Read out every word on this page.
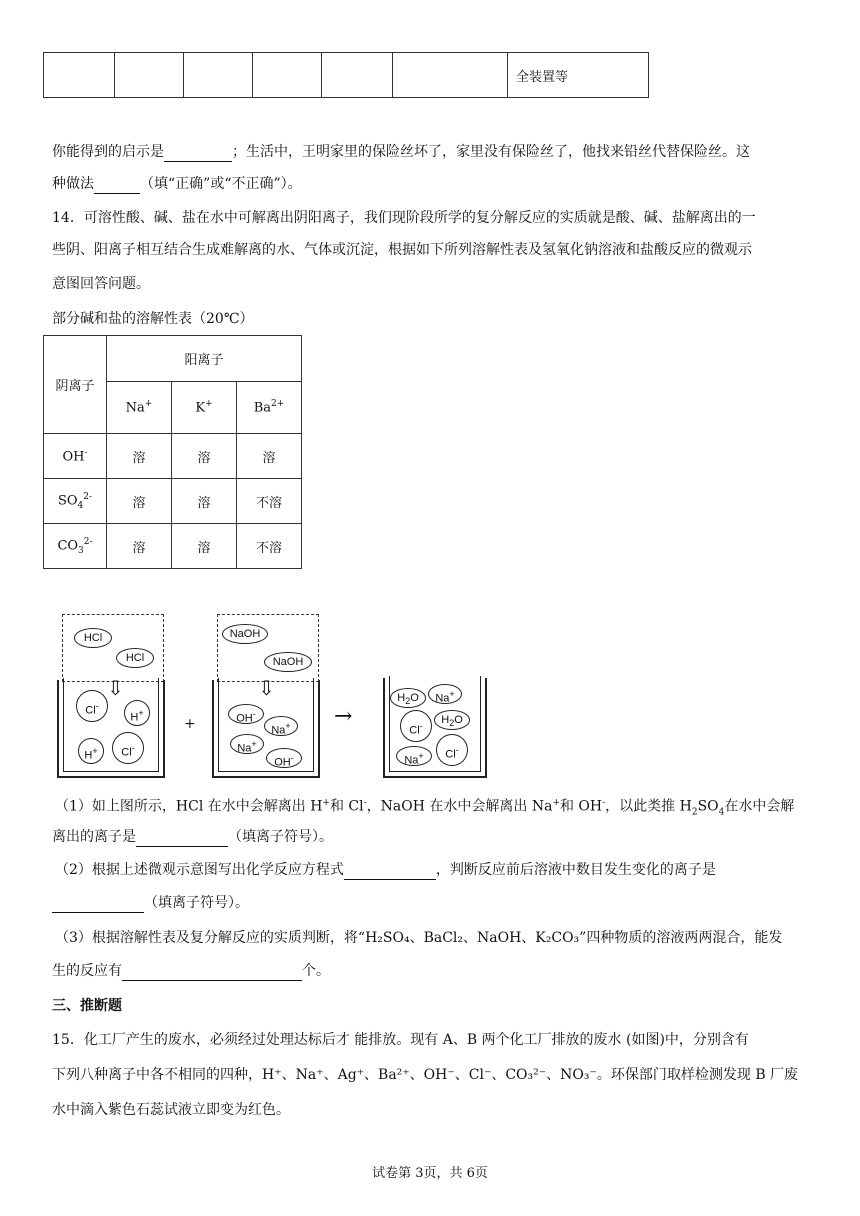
						全装置等

你能得到的启示是	；生活中，王明家里的保险丝坏了，家里没有保险丝了，他找来铅丝代替保险丝。这

种做法	（填“正确”或“不正确”）。

14．可溶性酸、碱、盐在水中可解离出阴阳离子，我们现阶段所学的复分解反应的实质就是酸、碱、盐解离出的一

些阴、阳离子相互结合生成难解离的水、气体或沉淀，根据如下所列溶解性表及氢氧化钠溶液和盐酸反应的微观示

意图回答问题。

部分碱和盐的溶解性表（20℃）

阴离子	阳离子		
	Na+	K+	$Ba^{2+}$
OH-	溶	溶	溶
$SO_4^{2-}$	溶	溶	不溶
$CO_3^{2-}$	溶	溶	不溶
HCl
HCl
⇩
Cl-
H+
H+	Cl-
+
NaOH
NaOH
⇩
OH-
Na+
Na+
OH-
→
$H_2O$	Na+
Cl-	$H_2O$
Na+	Cl-

（1）如上图所示，HCl 在水中会解离出 H+和 Cl-，NaOH 在水中会解离出 Na+和 OH-，以此类推 $H_2SO_4$在水中会解

离出的离子是	（填离子符号）。

（2）根据上述微观示意图写出化学反应方程式	，判断反应前后溶液中数目发生变化的离子是

（填离子符号）。

（3）根据溶解性表及复分解反应的实质判断，将“H₂SO₄、BaCl₂、NaOH、K₂CO₃”四种物质的溶液两两混合，能发

生的反应有	个。

三、推断题

15．化工厂产生的废水，必须经过处理达标后才 能排放。现有 A、B 两个化工厂排放的废水 (如图)中，分别含有

下列八种离子中各不相同的四种，H⁺、Na⁺、Ag⁺、Ba²⁺、OH⁻、Cl⁻、CO₃²⁻、NO₃⁻。环保部门取样检测发现 B 厂废

水中滴入紫色石蕊试液立即变为红色。

试卷第 3页，共 6页
